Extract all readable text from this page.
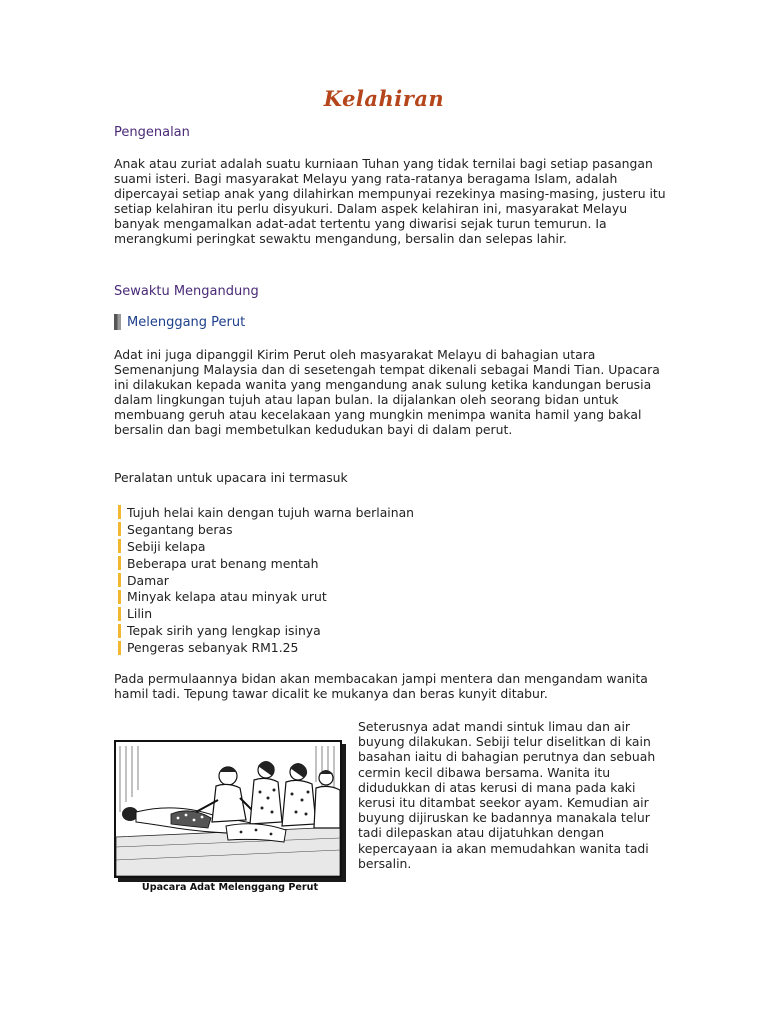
Kelahiran
Pengenalan
Anak atau zuriat adalah suatu kurniaan Tuhan yang tidak ternilai bagi setiap pasangan suami isteri. Bagi masyarakat Melayu yang rata-ratanya beragama Islam, adalah dipercayai setiap anak yang dilahirkan mempunyai rezekinya masing-masing, justeru itu setiap kelahiran itu perlu disyukuri. Dalam aspek kelahiran ini, masyarakat Melayu banyak mengamalkan adat-adat tertentu yang diwarisi sejak turun temurun. Ia merangkumi peringkat sewaktu mengandung, bersalin dan selepas lahir.
Sewaktu Mengandung
Melenggang Perut
Adat ini juga dipanggil Kirim Perut oleh masyarakat Melayu di bahagian utara Semenanjung Malaysia dan di sesetengah tempat dikenali sebagai Mandi Tian. Upacara ini dilakukan kepada wanita yang mengandung anak sulung ketika kandungan berusia dalam lingkungan tujuh atau lapan bulan. Ia dijalankan oleh seorang bidan untuk membuang geruh atau kecelakaan yang mungkin menimpa wanita hamil yang bakal bersalin dan bagi membetulkan kedudukan bayi di dalam perut.
Peralatan untuk upacara ini termasuk
Tujuh helai kain dengan tujuh warna berlainan
Segantang beras
Sebiji kelapa
Beberapa urat benang mentah
Damar
Minyak kelapa atau minyak urut
Lilin
Tepak sirih yang lengkap isinya
Pengeras sebanyak RM1.25
Pada permulaannya bidan akan membacakan jampi mentera dan mengandam wanita hamil tadi. Tepung tawar dicalit ke mukanya dan beras kunyit ditabur.
Upacara Adat Melenggang Perut
Seterusnya adat mandi sintuk limau dan air buyung dilakukan. Sebiji telur diselitkan di kain basahan iaitu di bahagian perutnya dan sebuah cermin kecil dibawa bersama. Wanita itu didudukkan di atas kerusi di mana pada kaki kerusi itu ditambat seekor ayam. Kemudian air buyung dijiruskan ke badannya manakala telur tadi dilepaskan atau dijatuhkan dengan kepercayaan ia akan memudahkan wanita tadi bersalin.
